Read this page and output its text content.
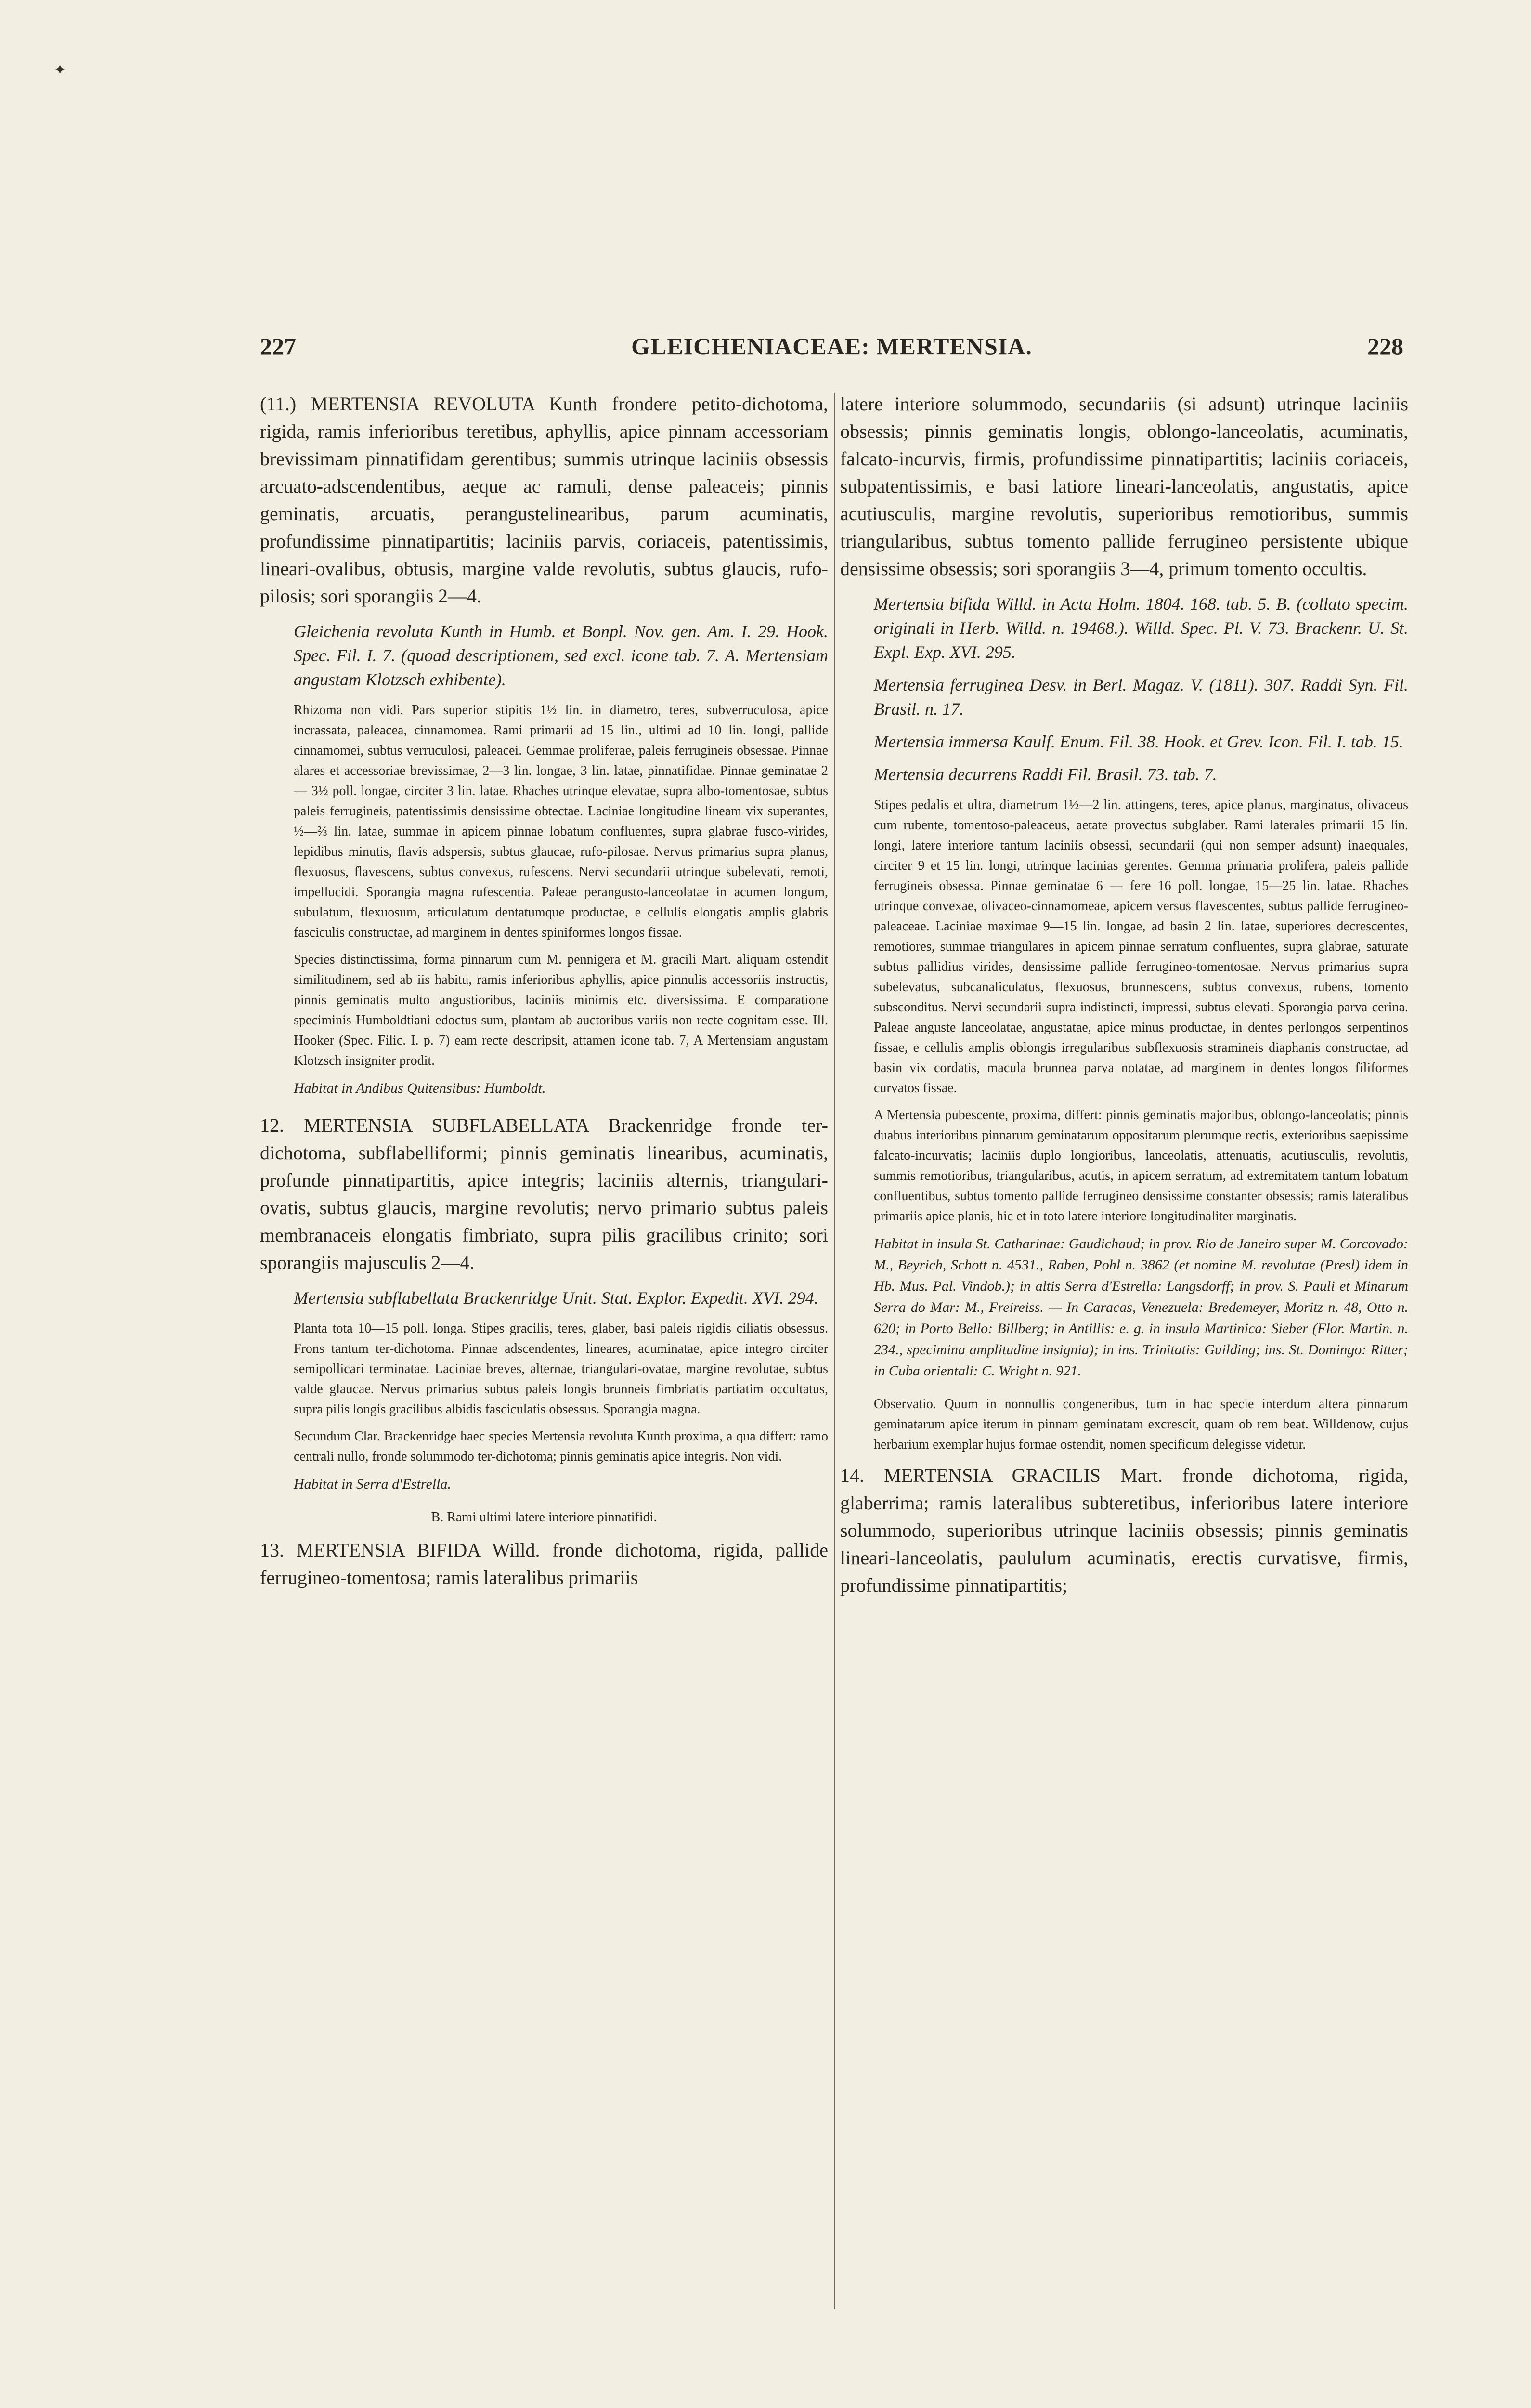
✦
227	GLEICHENIACEAE: MERTENSIA.	228

(11.) MERTENSIA REVOLUTA Kunth frondere petito-dichotoma, rigida, ramis inferioribus teretibus, aphyllis, apice pinnam accessoriam brevissimam pinnatifidam gerentibus; summis utrinque laciniis obsessis arcuato-adscendentibus, aeque ac ramuli, dense paleaceis; pinnis geminatis, arcuatis, perangustelinearibus, parum acuminatis, profundissime pinnatipartitis; laciniis parvis, coriaceis, patentissimis, lineari-ovalibus, obtusis, margine valde revolutis, subtus glaucis, rufo-pilosis; sori sporangiis 2—4.

Gleichenia revoluta Kunth in Humb. et Bonpl. Nov. gen. Am. I. 29. Hook. Spec. Fil. I. 7. (quoad descriptionem, sed excl. icone tab. 7. A. Mertensiam angustam Klotzsch exhibente).

Rhizoma non vidi. Pars superior stipitis 1½ lin. in diametro, teres, subverruculosa, apice incrassata, paleacea, cinnamomea. Rami primarii ad 15 lin., ultimi ad 10 lin. longi, pallide cinnamomei, subtus verruculosi, paleacei. Gemmae proliferae, paleis ferrugineis obsessae. Pinnae alares et accessoriae brevissimae, 2—3 lin. longae, 3 lin. latae, pinnatifidae. Pinnae geminatae 2 — 3½ poll. longae, circiter 3 lin. latae. Rhaches utrinque elevatae, supra albo-tomentosae, subtus paleis ferrugineis, patentissimis densissime obtectae. Laciniae longitudine lineam vix superantes, ½—⅔ lin. latae, summae in apicem pinnae lobatum confluentes, supra glabrae fusco-virides, lepidibus minutis, flavis adspersis, subtus glaucae, rufo-pilosae. Nervus primarius supra planus, flexuosus, flavescens, subtus convexus, rufescens. Nervi secundarii utrinque subelevati, remoti, impellucidi. Sporangia magna rufescentia. Paleae perangusto-lanceolatae in acumen longum, subulatum, flexuosum, articulatum dentatumque productae, e cellulis elongatis amplis glabris fasciculis constructae, ad marginem in dentes spiniformes longos fissae.

Species distinctissima, forma pinnarum cum M. pennigera et M. gracili Mart. aliquam ostendit similitudinem, sed ab iis habitu, ramis inferioribus aphyllis, apice pinnulis accessoriis instructis, pinnis geminatis multo angustioribus, laciniis minimis etc. diversissima. E comparatione speciminis Humboldtiani edoctus sum, plantam ab auctoribus variis non recte cognitam esse. Ill. Hooker (Spec. Filic. I. p. 7) eam recte descripsit, attamen icone tab. 7, A Mertensiam angustam Klotzsch insigniter prodit.

Habitat in Andibus Quitensibus: Humboldt.

12. MERTENSIA SUBFLABELLATA Brackenridge fronde ter-dichotoma, subflabelliformi; pinnis geminatis linearibus, acuminatis, profunde pinnatipartitis, apice integris; laciniis alternis, triangulari-ovatis, subtus glaucis, margine revolutis; nervo primario subtus paleis membranaceis elongatis fimbriato, supra pilis gracilibus crinito; sori sporangiis majusculis 2—4.

Mertensia subflabellata Brackenridge Unit. Stat. Explor. Expedit. XVI. 294.

Planta tota 10—15 poll. longa. Stipes gracilis, teres, glaber, basi paleis rigidis ciliatis obsessus. Frons tantum ter-dichotoma. Pinnae adscendentes, lineares, acuminatae, apice integro circiter semipollicari terminatae. Laciniae breves, alternae, triangulari-ovatae, margine revolutae, subtus valde glaucae. Nervus primarius subtus paleis longis brunneis fimbriatis partiatim occultatus, supra pilis longis gracilibus albidis fasciculatis obsessus. Sporangia magna.

Secundum Clar. Brackenridge haec species Mertensia revoluta Kunth proxima, a qua differt: ramo centrali nullo, fronde solummodo ter-dichotoma; pinnis geminatis apice integris. Non vidi.

Habitat in Serra d'Estrella.

B. Rami ultimi latere interiore pinnatifidi.

13. MERTENSIA BIFIDA Willd. fronde dichotoma, rigida, pallide ferrugineo-tomentosa; ramis lateralibus primariis

latere interiore solummodo, secundariis (si adsunt) utrinque laciniis obsessis; pinnis geminatis longis, oblongo-lanceolatis, acuminatis, falcato-incurvis, firmis, profundissime pinnatipartitis; laciniis coriaceis, subpatentissimis, e basi latiore lineari-lanceolatis, angustatis, apice acutiusculis, margine revolutis, superioribus remotioribus, summis triangularibus, subtus tomento pallide ferrugineo persistente ubique densissime obsessis; sori sporangiis 3—4, primum tomento occultis.

Mertensia bifida Willd. in Acta Holm. 1804. 168. tab. 5. B. (collato specim. originali in Herb. Willd. n. 19468.). Willd. Spec. Pl. V. 73. Brackenr. U. St. Expl. Exp. XVI. 295.

Mertensia ferruginea Desv. in Berl. Magaz. V. (1811). 307. Raddi Syn. Fil. Brasil. n. 17.

Mertensia immersa Kaulf. Enum. Fil. 38. Hook. et Grev. Icon. Fil. I. tab. 15.

Mertensia decurrens Raddi Fil. Brasil. 73. tab. 7.

Stipes pedalis et ultra, diametrum 1½—2 lin. attingens, teres, apice planus, marginatus, olivaceus cum rubente, tomentoso-paleaceus, aetate provectus subglaber. Rami laterales primarii 15 lin. longi, latere interiore tantum laciniis obsessi, secundarii (qui non semper adsunt) inaequales, circiter 9 et 15 lin. longi, utrinque lacinias gerentes. Gemma primaria prolifera, paleis pallide ferrugineis obsessa. Pinnae geminatae 6 — fere 16 poll. longae, 15—25 lin. latae. Rhaches utrinque convexae, olivaceo-cinnamomeae, apicem versus flavescentes, subtus pallide ferrugineo-paleaceae. Laciniae maximae 9—15 lin. longae, ad basin 2 lin. latae, superiores decrescentes, remotiores, summae triangulares in apicem pinnae serratum confluentes, supra glabrae, saturate subtus pallidius virides, densissime pallide ferrugineo-tomentosae. Nervus primarius supra subelevatus, subcanaliculatus, flexuosus, brunnescens, subtus convexus, rubens, tomento subsconditus. Nervi secundarii supra indistincti, impressi, subtus elevati. Sporangia parva cerina. Paleae anguste lanceolatae, angustatae, apice minus productae, in dentes perlongos serpentinos fissae, e cellulis amplis oblongis irregularibus subflexuosis stramineis diaphanis constructae, ad basin vix cordatis, macula brunnea parva notatae, ad marginem in dentes longos filiformes curvatos fissae.

A Mertensia pubescente, proxima, differt: pinnis geminatis majoribus, oblongo-lanceolatis; pinnis duabus interioribus pinnarum geminatarum oppositarum plerumque rectis, exterioribus saepissime falcato-incurvatis; laciniis duplo longioribus, lanceolatis, attenuatis, acutiusculis, revolutis, summis remotioribus, triangularibus, acutis, in apicem serratum, ad extremitatem tantum lobatum confluentibus, subtus tomento pallide ferrugineo densissime constanter obsessis; ramis lateralibus primariis apice planis, hic et in toto latere interiore longitudinaliter marginatis.

Habitat in insula St. Catharinae: Gaudichaud; in prov. Rio de Janeiro super M. Corcovado: M., Beyrich, Schott n. 4531., Raben, Pohl n. 3862 (et nomine M. revolutae (Presl) idem in Hb. Mus. Pal. Vindob.); in altis Serra d'Estrella: Langsdorff; in prov. S. Pauli et Minarum Serra do Mar: M., Freireiss. — In Caracas, Venezuela: Bredemeyer, Moritz n. 48, Otto n. 620; in Porto Bello: Billberg; in Antillis: e. g. in insula Martinica: Sieber (Flor. Martin. n. 234., specimina amplitudine insignia); in ins. Trinitatis: Guilding; ins. St. Domingo: Ritter; in Cuba orientali: C. Wright n. 921.

Observatio. Quum in nonnullis congeneribus, tum in hac specie interdum altera pinnarum geminatarum apice iterum in pinnam geminatam excrescit, quam ob rem beat. Willdenow, cujus herbarium exemplar hujus formae ostendit, nomen specificum delegisse videtur.

14. MERTENSIA GRACILIS Mart. fronde dichotoma, rigida, glaberrima; ramis lateralibus subteretibus, inferioribus latere interiore solummodo, superioribus utrinque laciniis obsessis; pinnis geminatis lineari-lanceolatis, paululum acuminatis, erectis curvatisve, firmis, profundissime pinnatipartitis;
